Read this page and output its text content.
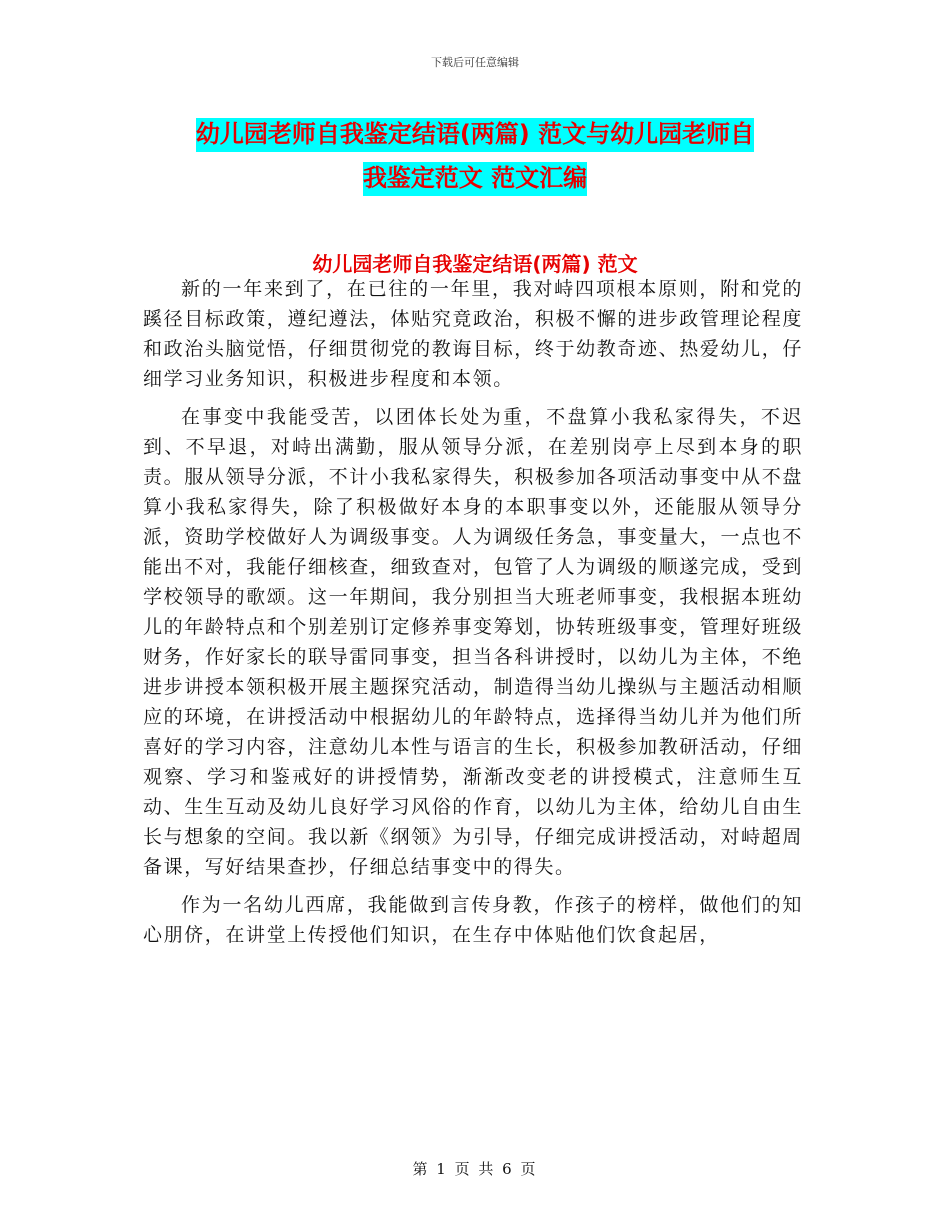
下载后可任意编辑
幼儿园老师自我鉴定结语(两篇) 范文与幼儿园老师自
我鉴定范文 范文汇编
幼儿园老师自我鉴定结语(两篇) 范文

新的一年来到了，在已往的一年里，我对峙四项根本原则，附和党的蹊径目标政策，遵纪遵法，体贴究竟政治，积极不懈的进步政管理论程度和政治头脑觉悟，仔细贯彻党的教诲目标，终于幼教奇迹、热爱幼儿，仔细学习业务知识，积极进步程度和本领。

在事变中我能受苦，以团体长处为重，不盘算小我私家得失，不迟到、不早退，对峙出满勤，服从领导分派，在差别岗亭上尽到本身的职责。服从领导分派，不计小我私家得失，积极参加各项活动事变中从不盘算小我私家得失，除了积极做好本身的本职事变以外，还能服从领导分派，资助学校做好人为调级事变。人为调级任务急，事变量大，一点也不能出不对，我能仔细核查，细致查对，包管了人为调级的顺遂完成，受到学校领导的歌颂。这一年期间，我分别担当大班老师事变，我根据本班幼儿的年龄特点和个别差别订定修养事变筹划，协转班级事变，管理好班级财务，作好家长的联导雷同事变，担当各科讲授时，以幼儿为主体，不绝进步讲授本领积极开展主题探究活动，制造得当幼儿操纵与主题活动相顺应的环境，在讲授活动中根据幼儿的年龄特点，选择得当幼儿并为他们所喜好的学习内容，注意幼儿本性与语言的生长，积极参加教研活动，仔细观察、学习和鉴戒好的讲授情势，渐渐改变老的讲授模式，注意师生互动、生生互动及幼儿良好学习风俗的作育，以幼儿为主体，给幼儿自由生长与想象的空间。我以新《纲领》为引导，仔细完成讲授活动，对峙超周备课，写好结果查抄，仔细总结事变中的得失。

作为一名幼儿西席，我能做到言传身教，作孩子的榜样，做他们的知心朋侪，在讲堂上传授他们知识，在生存中体贴他们饮食起居，

第 1 页 共 6 页
